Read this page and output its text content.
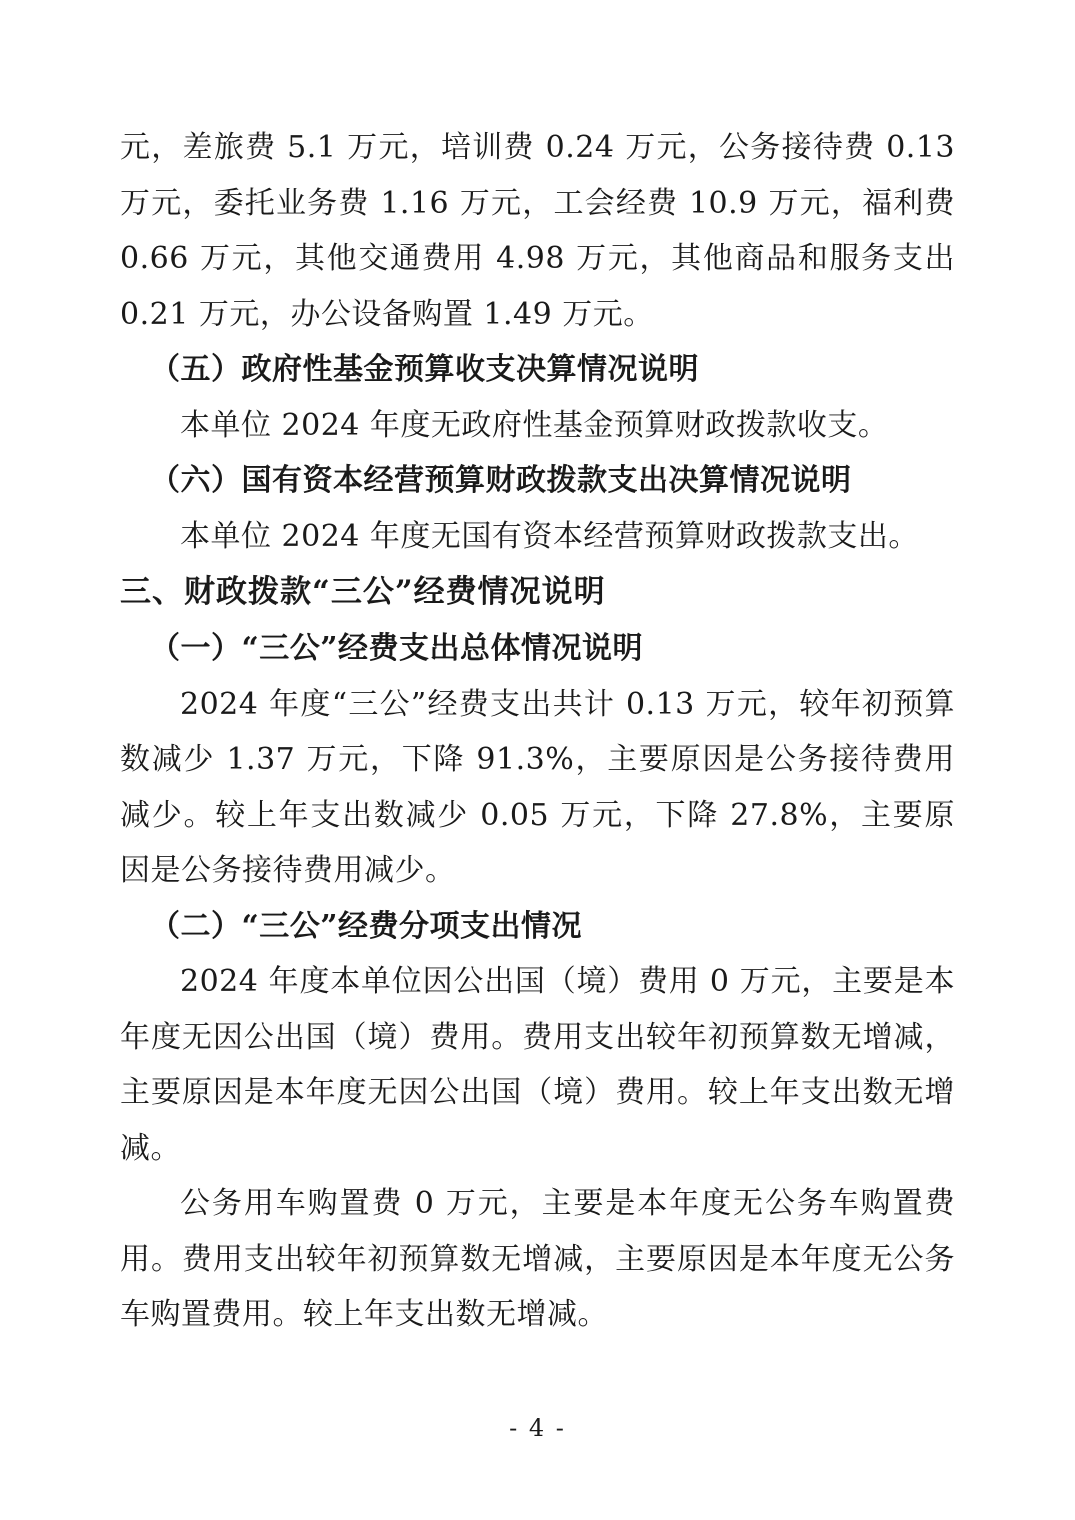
元，差旅费 5.1 万元，培训费 0.24 万元，公务接待费 0.13 万元，委托业务费 1.16 万元，工会经费 10.9 万元，福利费 0.66 万元，其他交通费用 4.98 万元，其他商品和服务支出 0.21 万元，办公设备购置 1.49 万元。

（五）政府性基金预算收支决算情况说明

本单位 2024 年度无政府性基金预算财政拨款收支。

（六）国有资本经营预算财政拨款支出决算情况说明

本单位 2024 年度无国有资本经营预算财政拨款支出。

三、财政拨款“三公”经费情况说明
（一）“三公”经费支出总体情况说明

2024 年度“三公”经费支出共计 0.13 万元，较年初预算数减少 1.37 万元，下降 91.3%，主要原因是公务接待费用减少。较上年支出数减少 0.05 万元，下降 27.8%，主要原因是公务接待费用减少。

（二）“三公”经费分项支出情况

2024 年度本单位因公出国（境）费用 0 万元，主要是本年度无因公出国（境）费用。费用支出较年初预算数无增减，主要原因是本年度无因公出国（境）费用。较上年支出数无增减。

公务用车购置费 0 万元，主要是本年度无公务车购置费用。费用支出较年初预算数无增减，主要原因是本年度无公务车购置费用。较上年支出数无增减。

- 4 -
